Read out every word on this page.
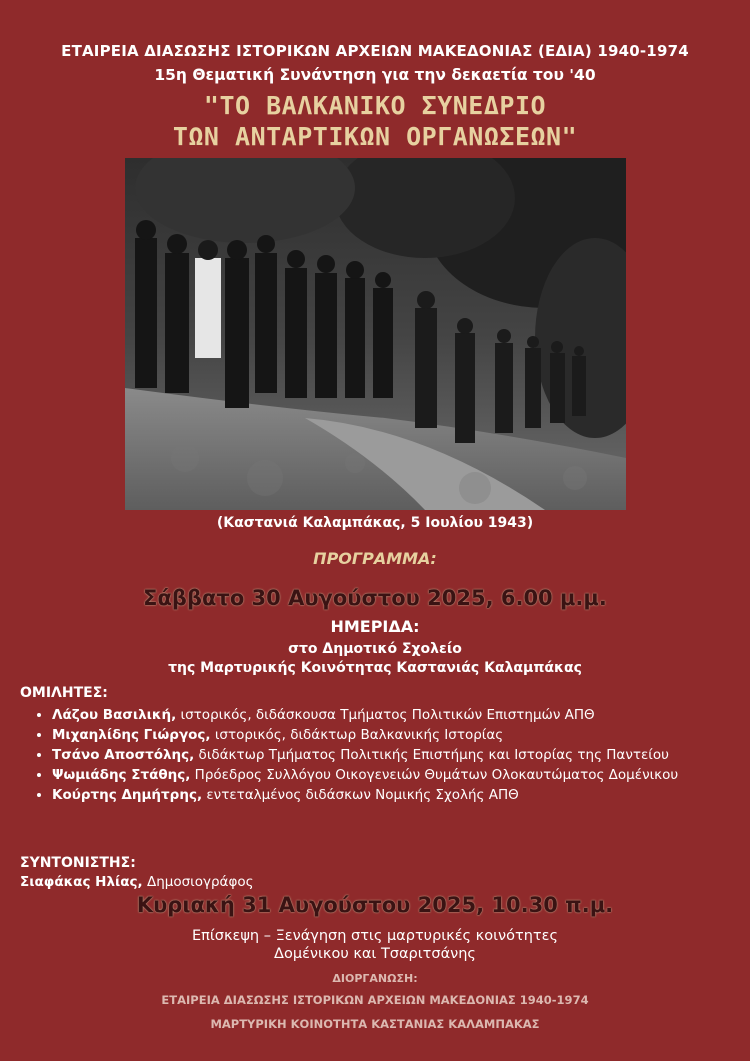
ΕΤΑΙΡΕΙΑ ΔΙΑΣΩΣΗΣ ΙΣΤΟΡΙΚΩΝ ΑΡΧΕΙΩΝ ΜΑΚΕΔΟΝΙΑΣ (ΕΔΙΑ) 1940-1974
15η Θεματική Συνάντηση για την δεκαετία του '40
"ΤΟ ΒΑΛΚΑΝΙΚΟ ΣΥΝΕΔΡΙΟ
ΤΩΝ ΑΝΤΑΡΤΙΚΩΝ ΟΡΓΑΝΩΣΕΩΝ"
(Καστανιά Καλαμπάκας, 5 Ιουλίου 1943)
ΠΡΟΓΡΑΜΜΑ:
Σάββατο 30 Αυγούστου 2025, 6.00 μ.μ.
ΗΜΕΡΙΔΑ:
στο Δημοτικό Σχολείο
της Μαρτυρικής Κοινότητας Καστανιάς Καλαμπάκας
ΟΜΙΛΗΤΕΣ:
• Λάζου Βασιλική, ιστορικός, διδάσκουσα Τμήματος Πολιτικών Επιστημών ΑΠΘ
• Μιχαηλίδης Γιώργος, ιστορικός, διδάκτωρ Βαλκανικής Ιστορίας
• Τσάνο Αποστόλης, διδάκτωρ Τμήματος Πολιτικής Επιστήμης και Ιστορίας της Παντείου
• Ψωμιάδης Στάθης, Πρόεδρος Συλλόγου Οικογενειών Θυμάτων Ολοκαυτώματος Δομένικου
• Κούρτης Δημήτρης, εντεταλμένος διδάσκων Νομικής Σχολής ΑΠΘ
ΣΥΝΤΟΝΙΣΤΗΣ:
Σιαφάκας Ηλίας, Δημοσιογράφος
Κυριακή 31 Αυγούστου 2025, 10.30 π.μ.
Επίσκεψη – Ξενάγηση στις μαρτυρικές κοινότητες
Δομένικου και Τσαριτσάνης
ΔΙΟΡΓΑΝΩΣΗ:
ΕΤΑΙΡΕΙΑ ΔΙΑΣΩΣΗΣ ΙΣΤΟΡΙΚΩΝ ΑΡΧΕΙΩΝ ΜΑΚΕΔΟΝΙΑΣ 1940-1974
ΜΑΡΤΥΡΙΚΗ ΚΟΙΝΟΤΗΤΑ ΚΑΣΤΑΝΙΑΣ ΚΑΛΑΜΠΑΚΑΣ
